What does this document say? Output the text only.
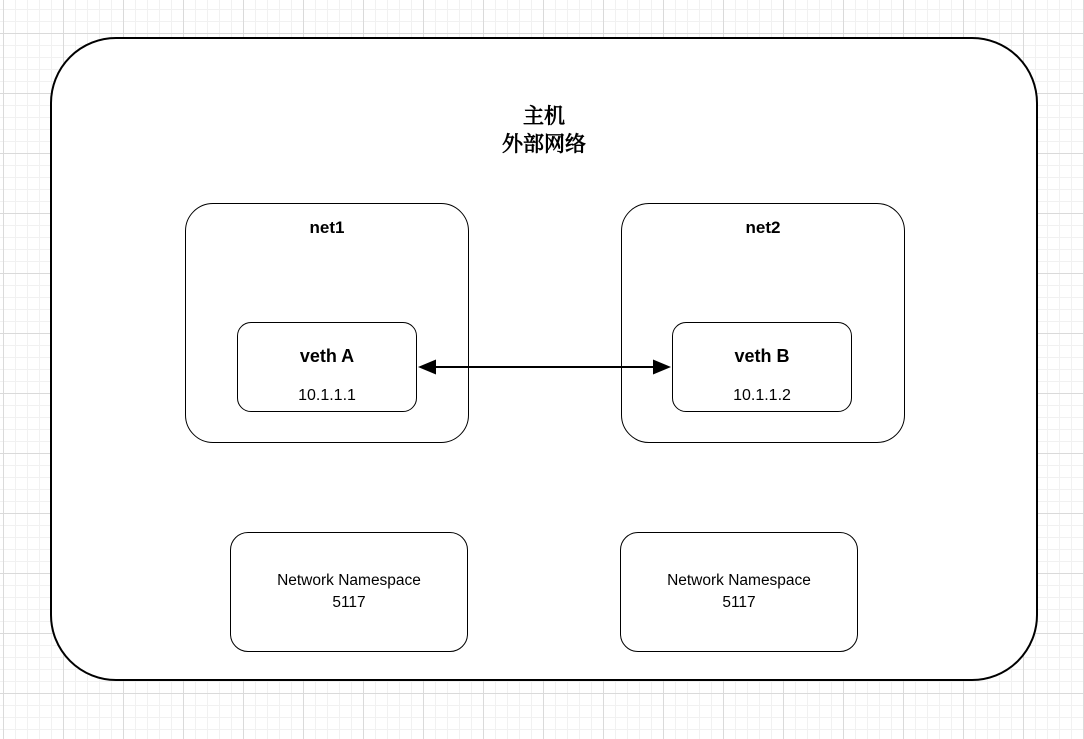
主机
外部网络
net1	net2
veth A
10.1.1.1
veth B
10.1.1.2
Network Namespace
5117
Network Namespace
5117
